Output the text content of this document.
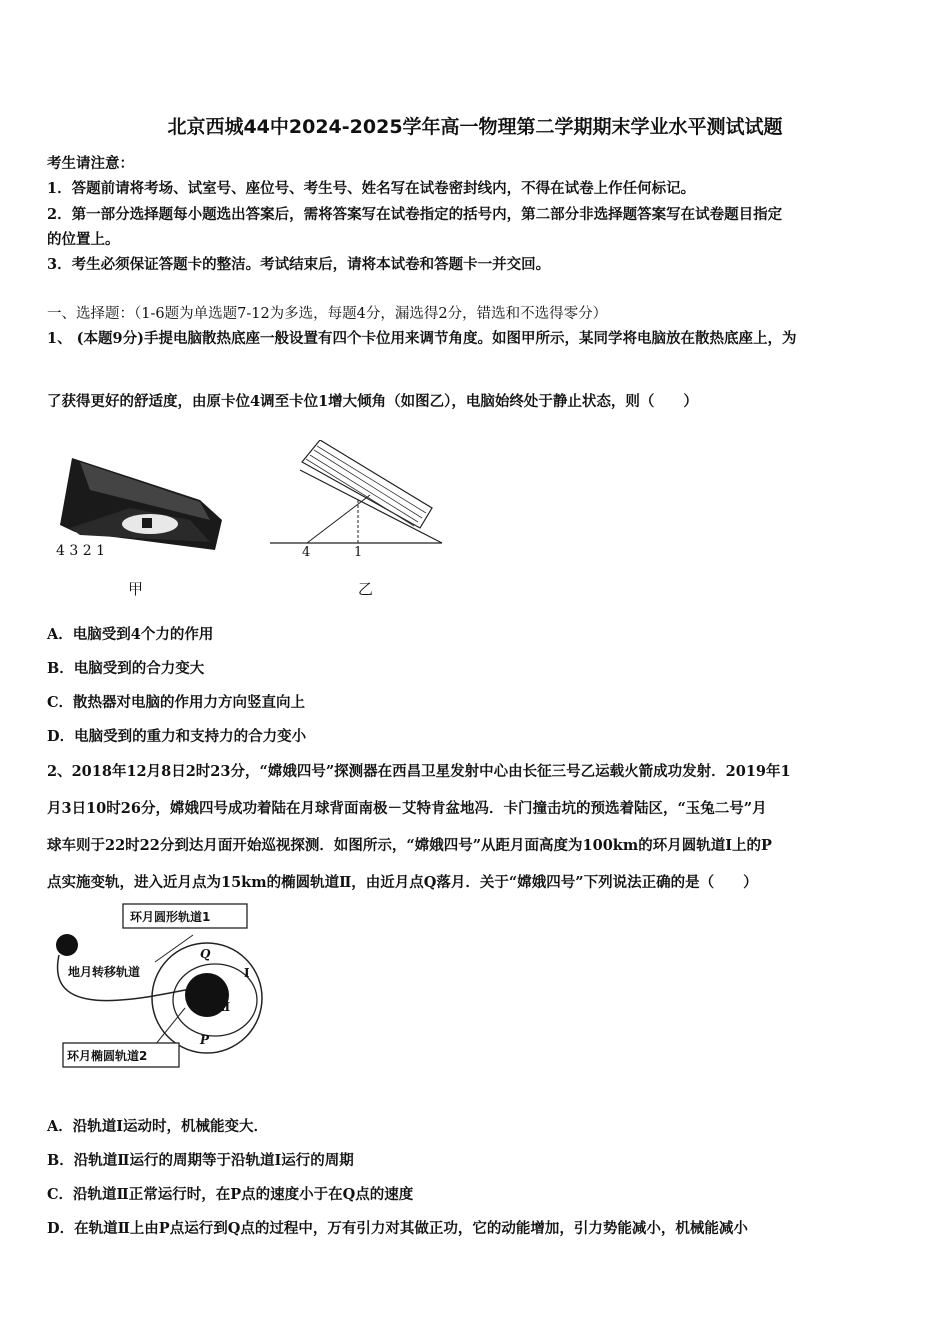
北京西城44中2024-2025学年高一物理第二学期期末学业水平测试试题
考生请注意：
1．答题前请将考场、试室号、座位号、考生号、姓名写在试卷密封线内，不得在试卷上作任何标记。
2．第一部分选择题每小题选出答案后，需将答案写在试卷指定的括号内，第二部分非选择题答案写在试卷题目指定
的位置上。
3．考生必须保证答题卡的整洁。考试结束后，请将本试卷和答题卡一并交回。
一、选择题：（1-6题为单选题7-12为多选，每题4分，漏选得2分，错选和不选得零分）
1、 (本题9分)手提电脑散热底座一般设置有四个卡位用来调节角度。如图甲所示，某同学将电脑放在散热底座上，为
了获得更好的舒适度，由原卡位4调至卡位1增大倾角（如图乙），电脑始终处于静止状态，则（　　）
4 3 2 1
甲
4	1
乙
A．电脑受到4个力的作用
B．电脑受到的合力变大
C．散热器对电脑的作用力方向竖直向上
D．电脑受到的重力和支持力的合力变小
2、2018年12月8日2时23分，“嫦娥四号”探测器在西昌卫星发射中心由长征三号乙运载火箭成功发射．2019年1
月3日10时26分，嫦娥四号成功着陆在月球背面南极－艾特肯盆地冯．卡门撞击坑的预选着陆区，“玉兔二号”月
球车则于22时22分到达月面开始巡视探测．如图所示，“嫦娥四号”从距月面高度为100km的环月圆轨道Ⅰ上的P
点实施变轨，进入近月点为15km的椭圆轨道Ⅱ，由近月点Q落月．关于“嫦娥四号”下列说法正确的是（　　）
环月圆形轨道1
地月转移轨道
环月椭圆轨道2
Q
P
I
Ⅱ
A．沿轨道I运动时，机械能变大．
B．沿轨道Ⅱ运行的周期等于沿轨道I运行的周期
C．沿轨道Ⅱ正常运行时，在P点的速度小于在Q点的速度
D．在轨道Ⅱ上由P点运行到Q点的过程中，万有引力对其做正功，它的动能增加，引力势能减小，机械能减小
